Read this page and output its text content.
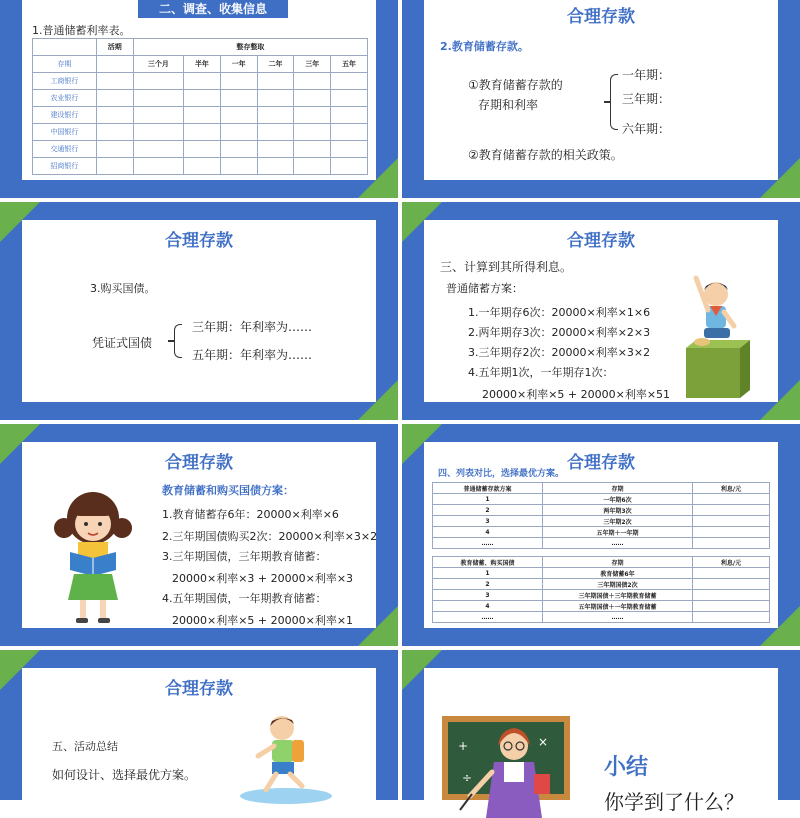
二、调查、收集信息
1.普通储蓄利率表。
	活期	整存整取					
存期		三个月	半年	一年	二年	三年	五年
工商银行							
农业银行							
建设银行							
中国银行							
交通银行							
招商银行							
合理存款
2.教育储蓄存款。
①教育储蓄存款的
存期和利率
一年期：
三年期：
六年期：
②教育储蓄存款的相关政策。
合理存款
3.购买国债。
凭证式国债
三年期：年利率为……
五年期：年利率为……
合理存款
三、计算到其所得利息。
普通储蓄方案：
1.一年期存6次：20000×利率×1×6
2.两年期存3次：20000×利率×2×3
3.三年期存2次：20000×利率×3×2
4.五年期1次，一年期存1次：
20000×利率×5 + 20000×利率×51
合理存款
教育储蓄和购买国债方案：
1.教育储蓄存6年：20000×利率×6
2.三年期国债购买2次：20000×利率×3×2
3.三年期国债，三年期教育储蓄：
20000×利率×3 + 20000×利率×3
4.五年期国债，一年期教育储蓄：
20000×利率×5 + 20000×利率×1
合理存款
四、列表对比，选择最优方案。
普通储蓄存款方案	存期	利息/元
1	一年期6次	
2	两年期3次	
3	三年期2次	
4	五年期＋一年期	
……	……	
教育储蓄、购买国债	存期	利息/元
1	教育储蓄6年	
2	三年期国债2次	
3	三年期国债＋三年期教育储蓄	
4	五年期国债＋一年期教育储蓄	
……	……	
合理存款
五、活动总结
如何设计、选择最优方案。
+	×
÷	小结
你学到了什么？
